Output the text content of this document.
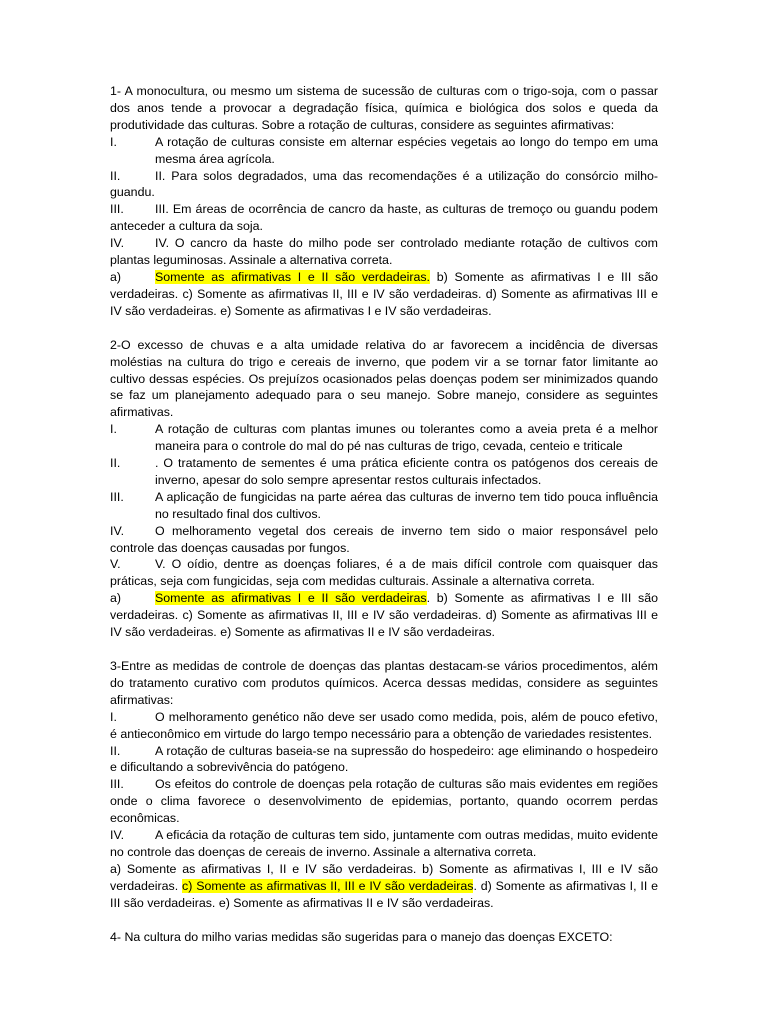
1- A monocultura, ou mesmo um sistema de sucessão de culturas com o trigo-soja, com o passar dos anos tende a provocar a degradação física, química e biológica dos solos e queda da produtividade das culturas. Sobre a rotação de culturas, considere as seguintes afirmativas:

I.	A rotação de culturas consiste em alternar espécies vegetais ao longo do tempo em uma mesma área agrícola.
II.	II. Para solos degradados, uma das recomendações é a utilização do consórcio milho-guandu.
III.	III. Em áreas de ocorrência de cancro da haste, as culturas de tremoço ou guandu podem anteceder a cultura da soja.
IV. IV. O cancro da haste do milho pode ser controlado mediante rotação de cultivos com plantas leguminosas. Assinale a alternativa correta.

a)	Somente as afirmativas I e II são verdadeiras. b) Somente as afirmativas I e III são verdadeiras. c) Somente as afirmativas II, III e IV são verdadeiras. d) Somente as afirmativas III e IV são verdadeiras. e) Somente as afirmativas I e IV são verdadeiras.

2-O excesso de chuvas e a alta umidade relativa do ar favorecem a incidência de diversas moléstias na cultura do trigo e cereais de inverno, que podem vir a se tornar fator limitante ao cultivo dessas espécies. Os prejuízos ocasionados pelas doenças podem ser minimizados quando se faz um planejamento adequado para o seu manejo. Sobre manejo, considere as seguintes afirmativas.

I.	A rotação de culturas com plantas imunes ou tolerantes como a aveia preta é a melhor maneira para o controle do mal do pé nas culturas de trigo, cevada, centeio e triticale
II.	. O tratamento de sementes é uma prática eficiente contra os patógenos dos cereais de inverno, apesar do solo sempre apresentar restos culturais infectados.
III.	A aplicação de fungicidas na parte aérea das culturas de inverno tem tido pouca influência no resultado final dos cultivos.
IV. O melhoramento vegetal dos cereais de inverno tem sido o maior responsável pelo controle das doenças causadas por fungos.
V.	V. O oídio, dentre as doenças foliares, é a de mais difícil controle com quaisquer das práticas, seja com fungicidas, seja com medidas culturais. Assinale a alternativa correta.

a)	Somente as afirmativas I e II são verdadeiras. b) Somente as afirmativas I e III são verdadeiras. c) Somente as afirmativas II, III e IV são verdadeiras. d) Somente as afirmativas III e IV são verdadeiras. e) Somente as afirmativas II e IV são verdadeiras.

3-Entre as medidas de controle de doenças das plantas destacam-se vários procedimentos, além do tratamento curativo com produtos químicos. Acerca dessas medidas, considere as seguintes afirmativas:

I.	O melhoramento genético não deve ser usado como medida, pois, além de pouco efetivo, é antieconômico em virtude do largo tempo necessário para a obtenção de variedades resistentes.
II.	A rotação de culturas baseia-se na supressão do hospedeiro: age eliminando o hospedeiro e dificultando a sobrevivência do patógeno.
III.	Os efeitos do controle de doenças pela rotação de culturas são mais evidentes em regiões onde o clima favorece o desenvolvimento de epidemias, portanto, quando ocorrem perdas econômicas.
IV. A eficácia da rotação de culturas tem sido, juntamente com outras medidas, muito evidente no controle das doenças de cereais de inverno. Assinale a alternativa correta.

a) Somente as afirmativas I, II e IV são verdadeiras. b) Somente as afirmativas I, III e IV são verdadeiras. c) Somente as afirmativas II, III e IV são verdadeiras. d) Somente as afirmativas I, II e III são verdadeiras. e) Somente as afirmativas II e IV são verdadeiras.

4- Na cultura do milho varias medidas são sugeridas para o manejo das doenças EXCETO:
